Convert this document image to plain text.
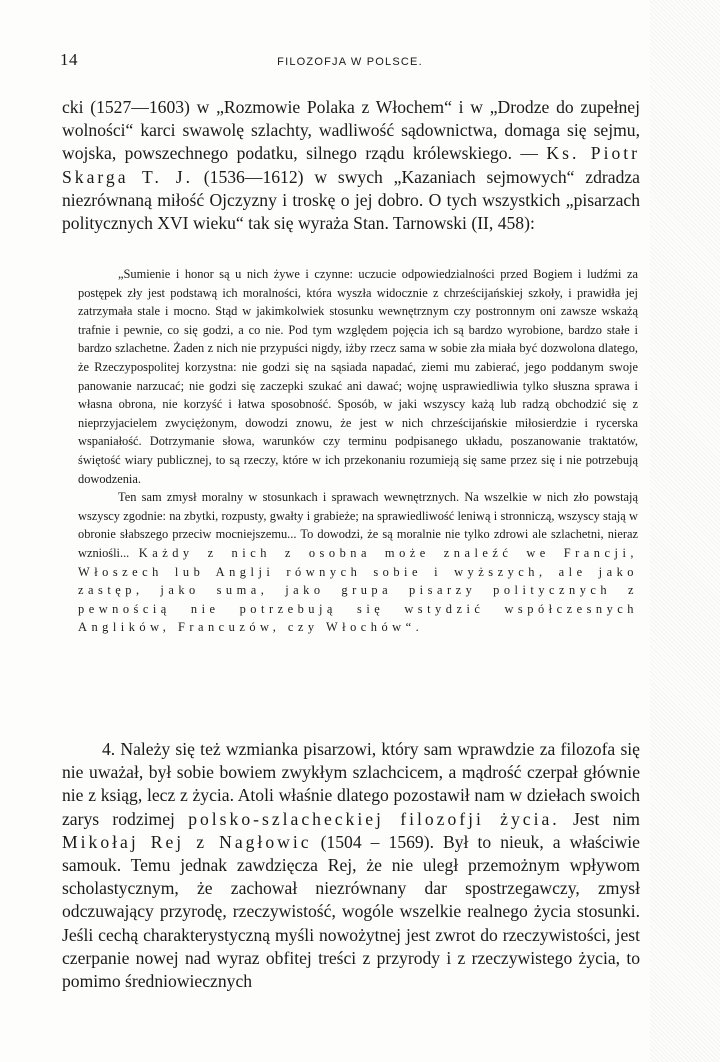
14	FILOZOFJA W POLSCE.

cki (1527—1603) w „Rozmowie Polaka z Włochem“ i w „Drodze do zupełnej wolności“ karci swawolę szlachty, wadliwość sądownictwa, domaga się sejmu, wojska, powszechnego podatku, silnego rządu królewskiego. — Ks. Piotr Skarga T. J. (1536—1612) w swych „Kazaniach sejmowych“ zdradza niezrównaną miłość Ojczyzny i troskę o jej dobro. O tych wszystkich „pisarzach politycznych XVI wieku“ tak się wyraża Stan. Tarnowski (II, 458):

„Sumienie i honor są u nich żywe i czynne: uczucie odpowiedzialności przed Bogiem i ludźmi za postępek zły jest podstawą ich moralności, która wyszła widocznie z chrześcijańskiej szkoły, i prawidła jej zatrzymała stale i mocno. Stąd w jakimkolwiek stosunku wewnętrznym czy postronnym oni zawsze wskażą trafnie i pewnie, co się godzi, a co nie. Pod tym względem pojęcia ich są bardzo wyrobione, bardzo stałe i bardzo szlachetne. Żaden z nich nie przypuści nigdy, iżby rzecz sama w sobie zła miała być dozwolona dlatego, że Rzeczypospolitej korzystna: nie godzi się na sąsiada napadać, ziemi mu zabierać, jego poddanym swoje panowanie narzucać; nie godzi się zaczepki szukać ani dawać; wojnę usprawiedliwia tylko słuszna sprawa i własna obrona, nie korzyść i łatwa sposobność. Sposób, w jaki wszyscy każą lub radzą obchodzić się z nieprzyjacielem zwyciężonym, dowodzi znowu, że jest w nich chrześcijańskie miłosierdzie i rycerska wspaniałość. Dotrzymanie słowa, warunków czy terminu podpisanego układu, poszanowanie traktatów, świętość wiary publicznej, to są rzeczy, które w ich przekonaniu rozumieją się same przez się i nie potrzebują dowodzenia.

Ten sam zmysł moralny w stosunkach i sprawach wewnętrznych. Na wszelkie w nich zło powstają wszyscy zgodnie: na zbytki, rozpusty, gwałty i grabieże; na sprawiedliwość leniwą i stronniczą, wszyscy stają w obronie słabszego przeciw mocniejszemu... To dowodzi, że są moralnie nie tylko zdrowi ale szlachetni, nieraz wzniośli... Każdy z nich z osobna może znaleźć we Francji, Włoszech lub Anglji równych sobie i wyższych, ale jako zastęp, jako suma, jako grupa pisarzy politycznych z pewnością nie potrzebują się wstydzić współczesnych Anglików, Francuzów, czy Włochów“.

4. Należy się też wzmianka pisarzowi, który sam wprawdzie za filozofa się nie uważał, był sobie bowiem zwykłym szlachcicem, a mądrość czerpał głównie nie z ksiąg, lecz z życia. Atoli właśnie dlatego pozostawił nam w dziełach swoich zarys rodzimej polsko-szlacheckiej filozofji życia. Jest nim Mikołaj Rej z Nagłowic (1504 – 1569). Był to nieuk, a właściwie samouk. Temu jednak zawdzięcza Rej, że nie uległ przemożnym wpływom scholastycznym, że zachował niezrównany dar spostrzegawczy, zmysł odczuwający przyrodę, rzeczywistość, wogóle wszelkie realnego życia stosunki. Jeśli cechą charakterystyczną myśli nowożytnej jest zwrot do rzeczywistości, jest czerpanie nowej nad wyraz obfitej treści z przyrody i z rzeczywistego życia, to pomimo średniowiecznych
